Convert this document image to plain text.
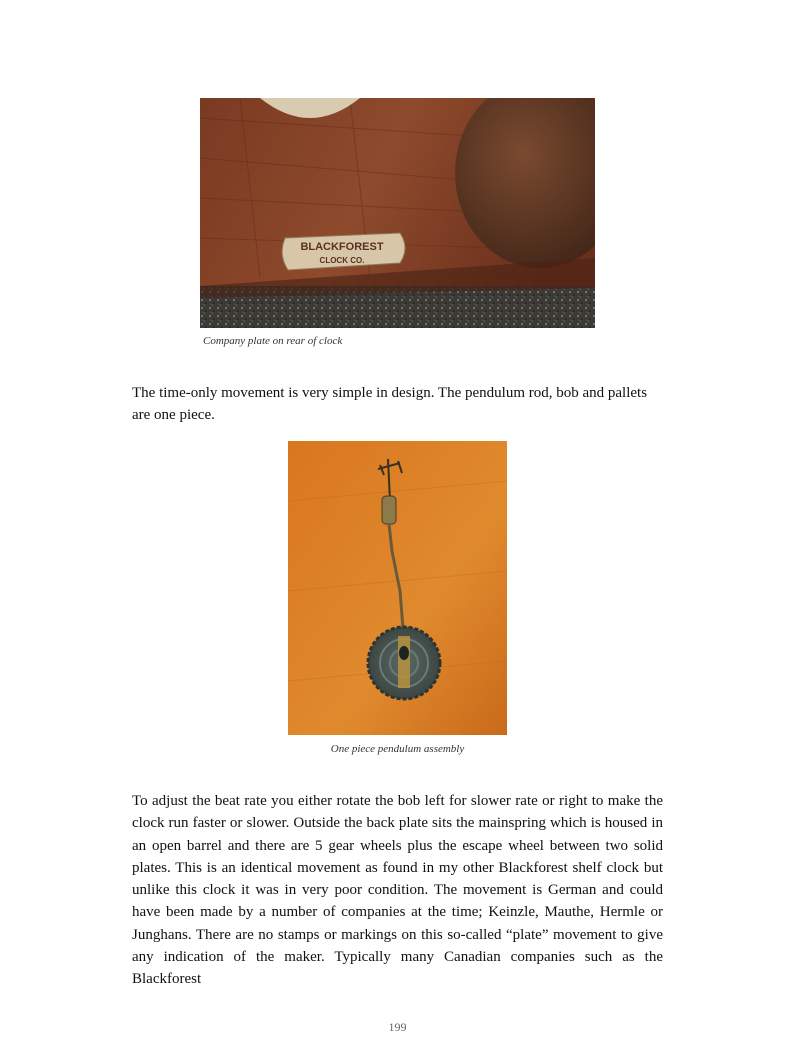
BLACKFOREST
CLOCK CO.
Company plate on rear of clock

The time-only movement is very simple in design. The pendulum rod, bob and pallets are one piece.

One piece pendulum assembly

To adjust the beat rate you either rotate the bob left for slower rate or right to make the clock run faster or slower. Outside the back plate sits the mainspring which is housed in an open barrel and there are 5 gear wheels plus the escape wheel between two solid plates. This is an identical movement as found in my other Blackforest shelf clock but unlike this clock it was in very poor condition. The movement is German and could have been made by a number of companies at the time; Keinzle, Mauthe, Hermle or Junghans. There are no stamps or markings on this so-called “plate” movement to give any indication of the maker. Typically many Canadian companies such as the Blackforest

199
